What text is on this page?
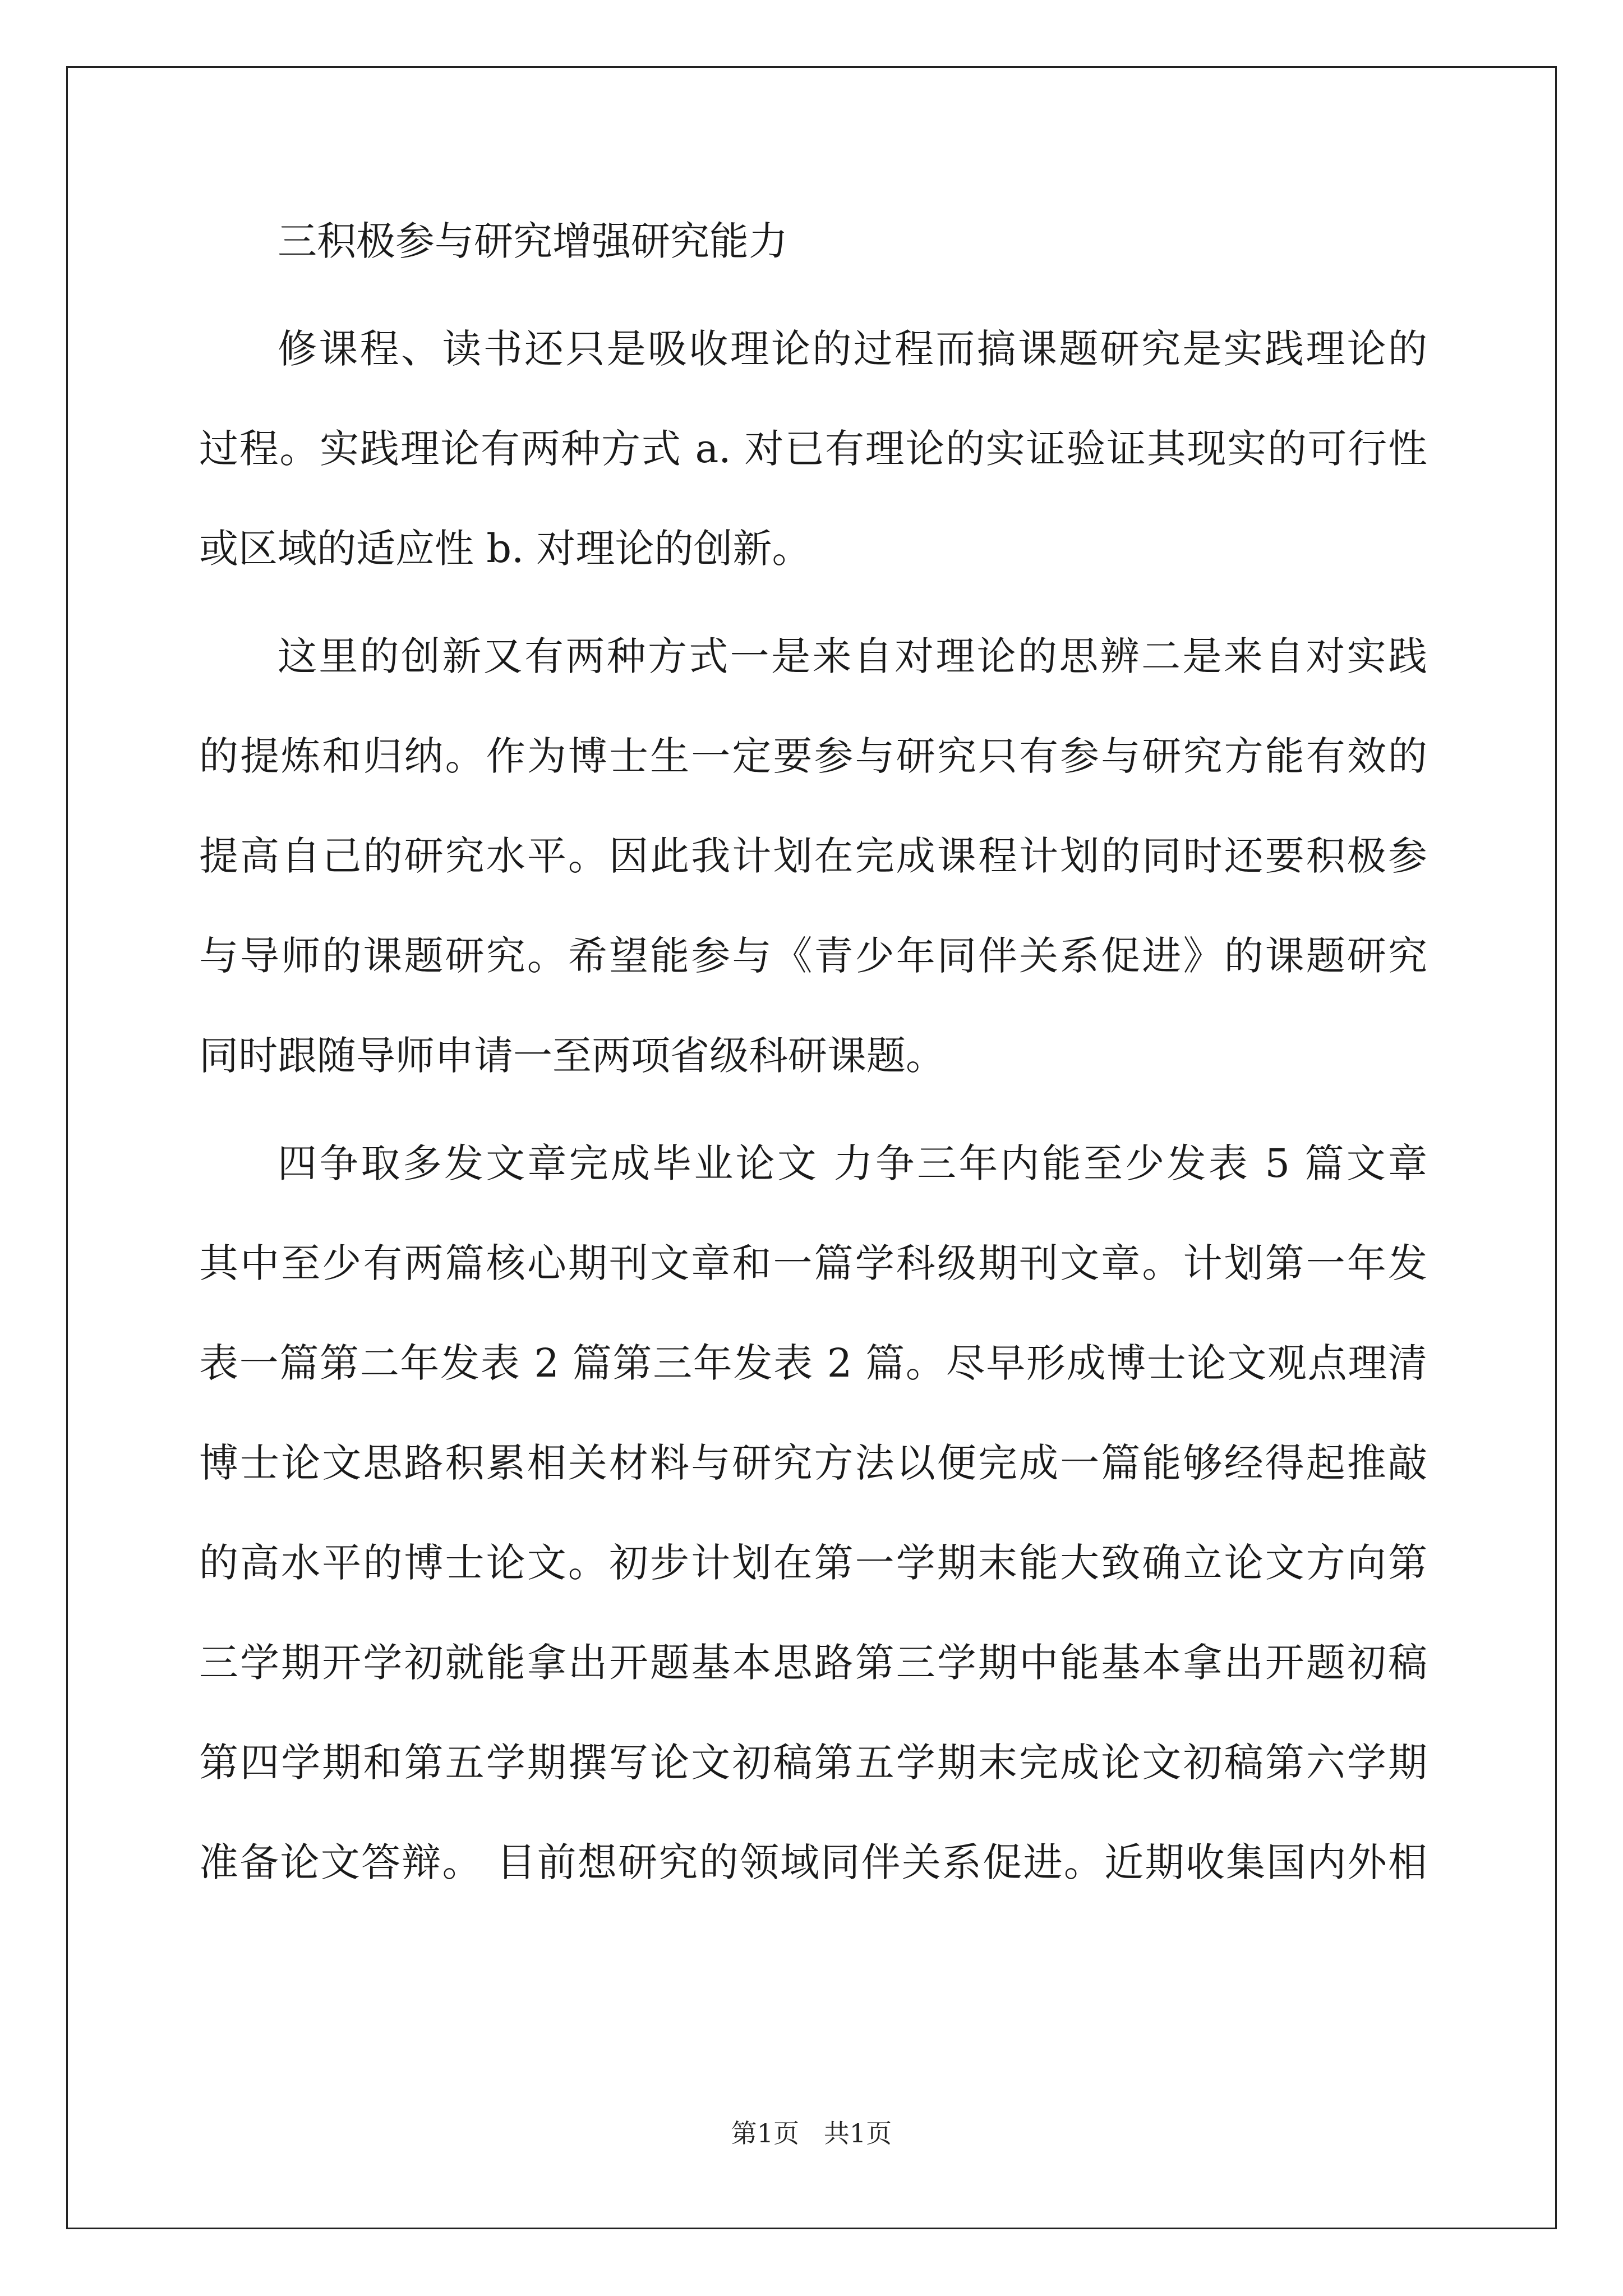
三积极参与研究增强研究能力
修课程、读书还只是吸收理论的过程而搞课题研究是实践理论的
过程。实践理论有两种方式 a. 对已有理论的实证验证其现实的可行性
或区域的适应性 b. 对理论的创新。
这里的创新又有两种方式一是来自对理论的思辨二是来自对实践
的提炼和归纳。作为博士生一定要参与研究只有参与研究方能有效的
提高自己的研究水平。因此我计划在完成课程计划的同时还要积极参
与导师的课题研究。希望能参与《青少年同伴关系促进》的课题研究
同时跟随导师申请一至两项省级科研课题。
四争取多发文章完成毕业论文 力争三年内能至少发表 5 篇文章
其中至少有两篇核心期刊文章和一篇学科级期刊文章。计划第一年发
表一篇第二年发表 2 篇第三年发表 2 篇。尽早形成博士论文观点理清
博士论文思路积累相关材料与研究方法以便完成一篇能够经得起推敲
的高水平的博士论文。初步计划在第一学期末能大致确立论文方向第
三学期开学初就能拿出开题基本思路第三学期中能基本拿出开题初稿
第四学期和第五学期撰写论文初稿第五学期末完成论文初稿第六学期
准备论文答辩。 目前想研究的领域同伴关系促进。近期收集国内外相
第1页   共1页
